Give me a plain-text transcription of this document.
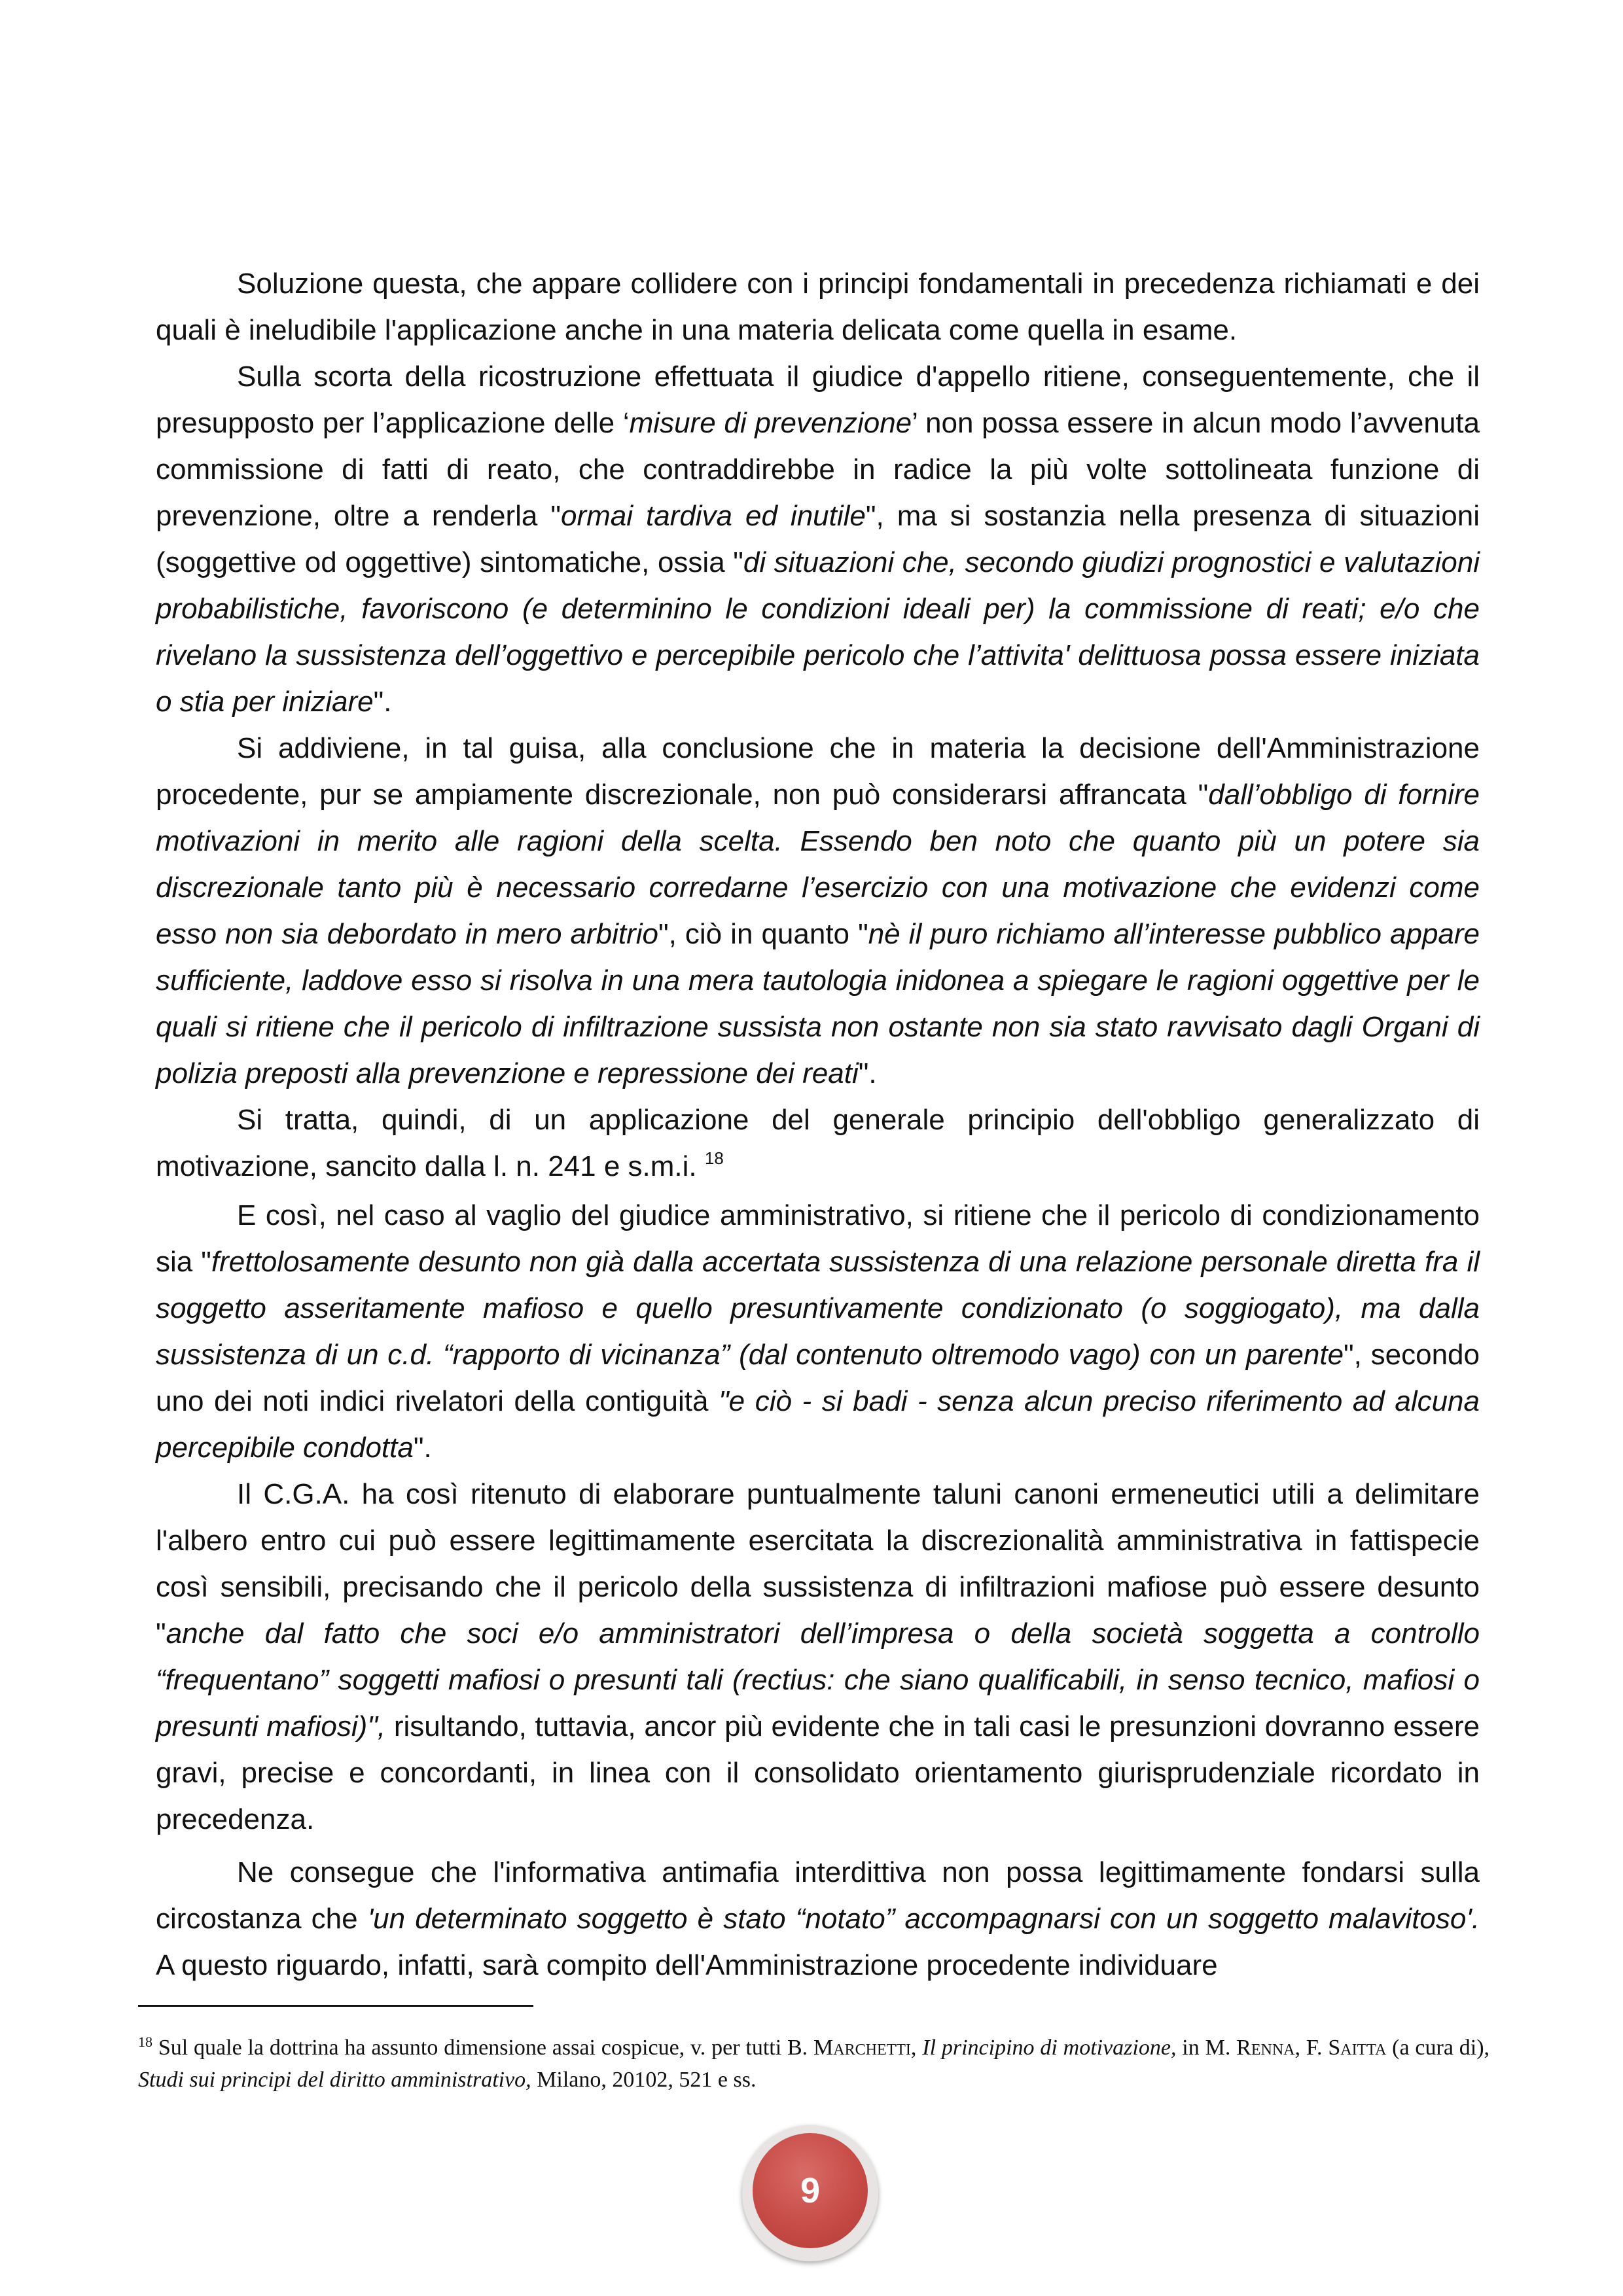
Soluzione questa, che appare collidere con i principi fondamentali in precedenza richiamati e dei quali è ineludibile l'applicazione anche in una materia delicata come quella in esame.

Sulla scorta della ricostruzione effettuata il giudice d'appello ritiene, conseguentemente, che il presupposto per l’applicazione delle ‘misure di prevenzione’ non possa essere in alcun modo l’avvenuta commissione di fatti di reato, che contraddirebbe in radice la più volte sottolineata funzione di prevenzione, oltre a renderla "ormai tardiva ed inutile", ma si sostanzia nella presenza di situazioni (soggettive od oggettive) sintomatiche, ossia "di situazioni che, secondo giudizi prognostici e valutazioni probabilistiche, favoriscono (e determinino le condizioni ideali per) la commissione di reati; e/o che rivelano la sussistenza dell’oggettivo e percepibile pericolo che l’attivita' delittuosa possa essere iniziata o stia per iniziare".

Si addiviene, in tal guisa, alla conclusione che in materia la decisione dell'Amministrazione procedente, pur se ampiamente discrezionale, non può considerarsi affrancata "dall’obbligo di fornire motivazioni in merito alle ragioni della scelta. Essendo ben noto che quanto più un potere sia discrezionale tanto più è necessario corredarne l’esercizio con una motivazione che evidenzi come esso non sia debordato in mero arbitrio", ciò in quanto "nè il puro richiamo all’interesse pubblico appare sufficiente, laddove esso si risolva in una mera tautologia inidonea a spiegare le ragioni oggettive per le quali si ritiene che il pericolo di infiltrazione sussista non ostante non sia stato ravvisato dagli Organi di polizia preposti alla prevenzione e repressione dei reati".

Si tratta, quindi, di un applicazione del generale principio dell'obbligo generalizzato di motivazione, sancito dalla l. n. 241 e s.m.i. $^{18}$

E così, nel caso al vaglio del giudice amministrativo, si ritiene che il pericolo di condizionamento sia "frettolosamente desunto non già dalla accertata sussistenza di una relazione personale diretta fra il soggetto asseritamente mafioso e quello presuntivamente condizionato (o soggiogato), ma dalla sussistenza di un c.d. “rapporto di vicinanza” (dal contenuto oltremodo vago) con un parente", secondo uno dei noti indici rivelatori della contiguità "e ciò - si badi - senza alcun preciso riferimento ad alcuna percepibile condotta".

Il C.G.A. ha così ritenuto di elaborare puntualmente taluni canoni ermeneutici utili a delimitare l'albero entro cui può essere legittimamente esercitata la discrezionalità amministrativa in fattispecie così sensibili, precisando che il pericolo della sussistenza di infiltrazioni mafiose può essere desunto "anche dal fatto che soci e/o amministratori dell’impresa o della società soggetta a controllo “frequentano” soggetti mafiosi o presunti tali (rectius: che siano qualificabili, in senso tecnico, mafiosi o presunti mafiosi)", risultando, tuttavia, ancor più evidente che in tali casi le presunzioni dovranno essere gravi, precise e concordanti, in linea con il consolidato orientamento giurisprudenziale ricordato in precedenza.

Ne consegue che l'informativa antimafia interdittiva non possa legittimamente fondarsi sulla circostanza che 'un determinato soggetto è stato “notato” accompagnarsi con un soggetto malavitoso'. A questo riguardo, infatti, sarà compito dell'Amministrazione procedente individuare

$^{18}$ Sul quale la dottrina ha assunto dimensione assai cospicue, v. per tutti B. Marchetti, Il principino di motivazione, in M. Renna, F. Saitta (a cura di), Studi sui principi del diritto amministrativo, Milano, 20102, 521 e ss.
9
